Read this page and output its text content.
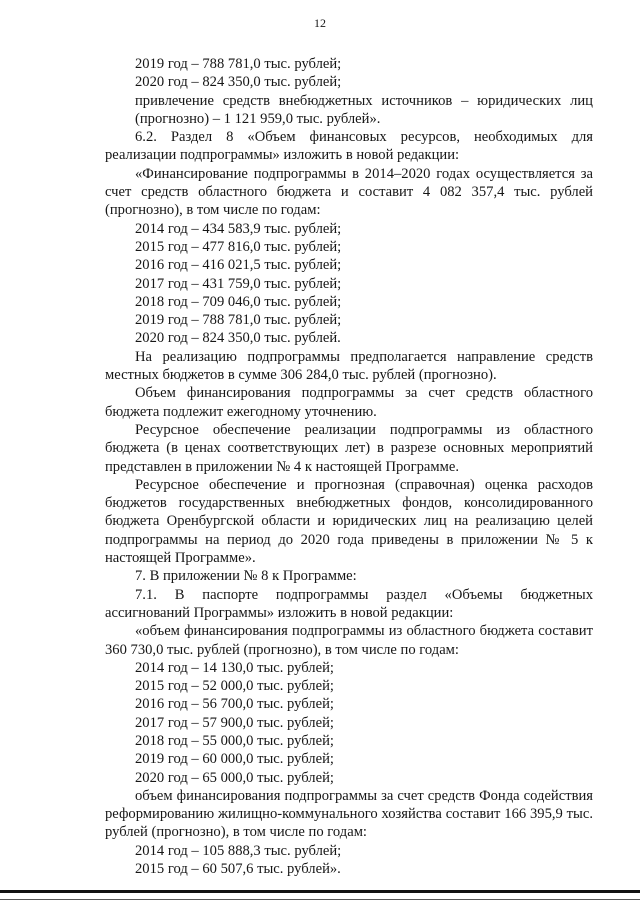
12

2019 год – 788 781,0 тыс. рублей;

2020 год – 824 350,0 тыс. рублей;

привлечение средств внебюджетных источников – юридических лиц (прогнозно) – 1 121 959,0 тыс. рублей».

6.2. Раздел 8 «Объем финансовых ресурсов, необходимых для реализации подпрограммы» изложить в новой редакции:

«Финансирование подпрограммы в 2014–2020 годах осуществляется за счет средств областного бюджета и составит 4 082 357,4 тыс. рублей (прогнозно), в том числе по годам:

2014 год – 434 583,9 тыс. рублей;

2015 год – 477 816,0 тыс. рублей;

2016 год – 416 021,5 тыс. рублей;

2017 год – 431 759,0 тыс. рублей;

2018 год – 709 046,0 тыс. рублей;

2019 год – 788 781,0 тыс. рублей;

2020 год – 824 350,0 тыс. рублей.

На реализацию подпрограммы предполагается направление средств местных бюджетов в сумме 306 284,0 тыс. рублей (прогнозно).

Объем финансирования подпрограммы за счет средств областного бюджета подлежит ежегодному уточнению.

Ресурсное обеспечение реализации подпрограммы из областного бюджета (в ценах соответствующих лет) в разрезе основных мероприятий представлен в приложении № 4 к настоящей Программе.

Ресурсное обеспечение и прогнозная (справочная) оценка расходов бюджетов государственных внебюджетных фондов, консолидированного бюджета Оренбургской области и юридических лиц на реализацию целей подпрограммы на период до 2020 года приведены в приложении № 5 к настоящей Программе».

7. В приложении № 8 к Программе:

7.1. В паспорте подпрограммы раздел «Объемы бюджетных ассигнований Программы» изложить в новой редакции:

«объем финансирования подпрограммы из областного бюджета составит 360 730,0 тыс. рублей (прогнозно), в том числе по годам:

2014 год – 14 130,0 тыс. рублей;

2015 год – 52 000,0 тыс. рублей;

2016 год – 56 700,0 тыс. рублей;

2017 год – 57 900,0 тыс. рублей;

2018 год – 55 000,0 тыс. рублей;

2019 год – 60 000,0 тыс. рублей;

2020 год – 65 000,0 тыс. рублей;

объем финансирования подпрограммы за счет средств Фонда содействия реформированию жилищно-коммунального хозяйства составит 166 395,9 тыс. рублей (прогнозно), в том числе по годам:

2014 год – 105 888,3 тыс. рублей;

2015 год – 60 507,6 тыс. рублей».
